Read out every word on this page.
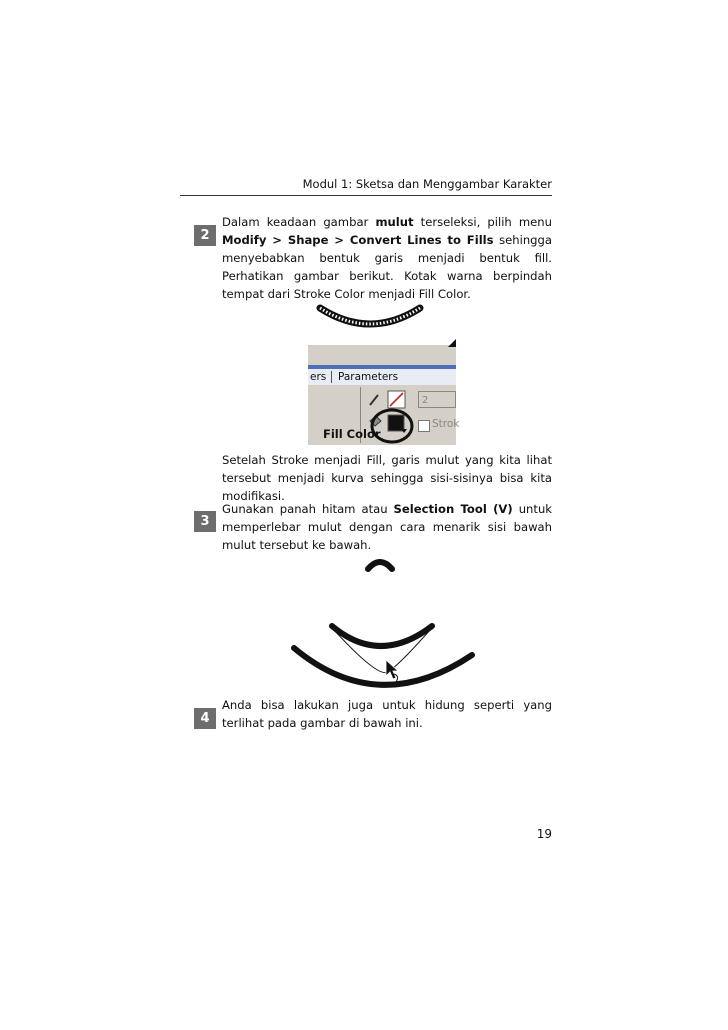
Modul 1: Sketsa dan Menggambar Karakter
2
Dalam keadaan gambar mulut terseleksi, pilih menu Modify > Shape > Convert Lines to Fills sehingga menyebabkan bentuk garis menjadi bentuk fill. Perhatikan gambar berikut. Kotak warna berpindah tempat dari Stroke Color menjadi Fill Color.
ers Parameters
2
Strok
Fill Color
Setelah Stroke menjadi Fill, garis mulut yang kita lihat tersebut menjadi kurva sehingga sisi-sisinya bisa kita modifikasi.
3
Gunakan panah hitam atau Selection Tool (V) untuk memperlebar mulut dengan cara menarik sisi bawah mulut tersebut ke bawah.
4
Anda bisa lakukan juga untuk hidung seperti yang terlihat pada gambar di bawah ini.
19
